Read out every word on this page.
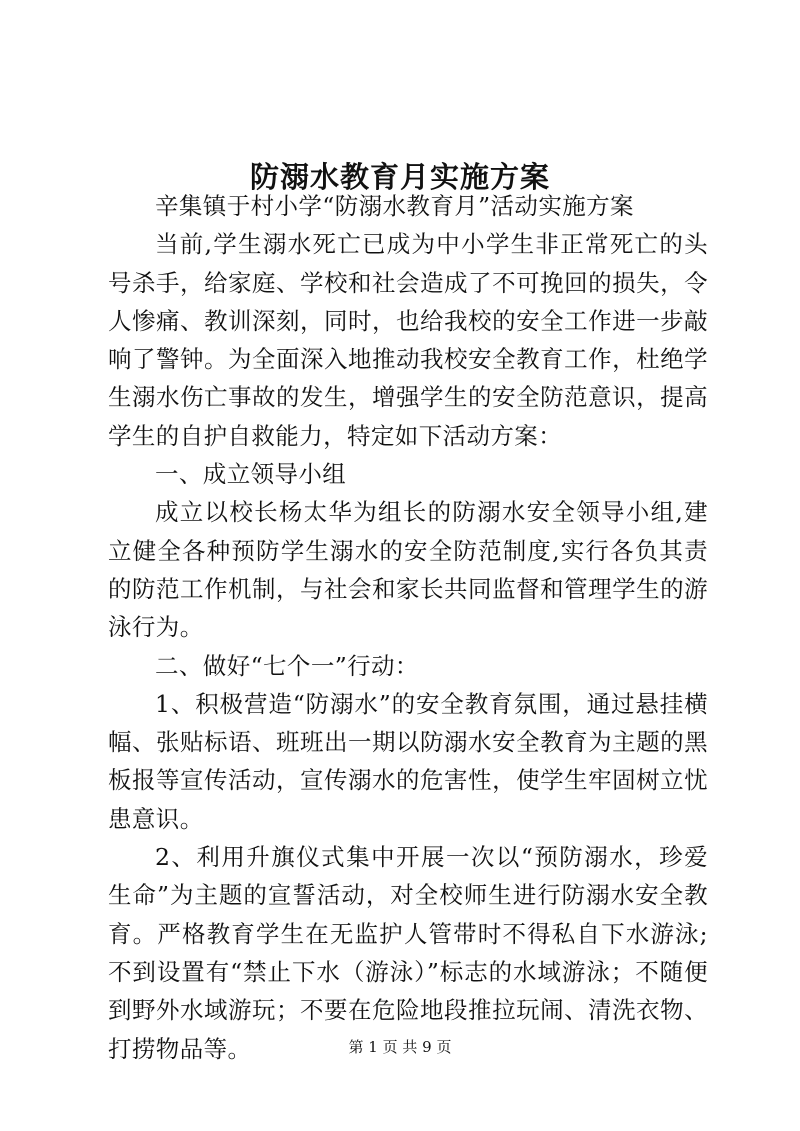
防溺水教育月实施方案

辛集镇于村小学“防溺水教育月”活动实施方案

当前,学生溺水死亡已成为中小学生非正常死亡的头号杀手，给家庭、学校和社会造成了不可挽回的损失，令人惨痛、教训深刻，同时，也给我校的安全工作进一步敲响了警钟。为全面深入地推动我校安全教育工作，杜绝学生溺水伤亡事故的发生，增强学生的安全防范意识，提高学生的自护自救能力，特定如下活动方案：

一、成立领导小组

成立以校长杨太华为组长的防溺水安全领导小组,建立健全各种预防学生溺水的安全防范制度,实行各负其责的防范工作机制，与社会和家长共同监督和管理学生的游泳行为。

二、做好“七个一”行动：

1、积极营造“防溺水”的安全教育氛围，通过悬挂横幅、张贴标语、班班出一期以防溺水安全教育为主题的黑板报等宣传活动，宣传溺水的危害性，使学生牢固树立忧患意识。

2、利用升旗仪式集中开展一次以“预防溺水，珍爱生命”为主题的宣誓活动，对全校师生进行防溺水安全教育。严格教育学生在无监护人管带时不得私自下水游泳;不到设置有“禁止下水（游泳）”标志的水域游泳；不随便到野外水域游玩；不要在危险地段推拉玩闹、清洗衣物、打捞物品等。	第 1 页 共 9 页
